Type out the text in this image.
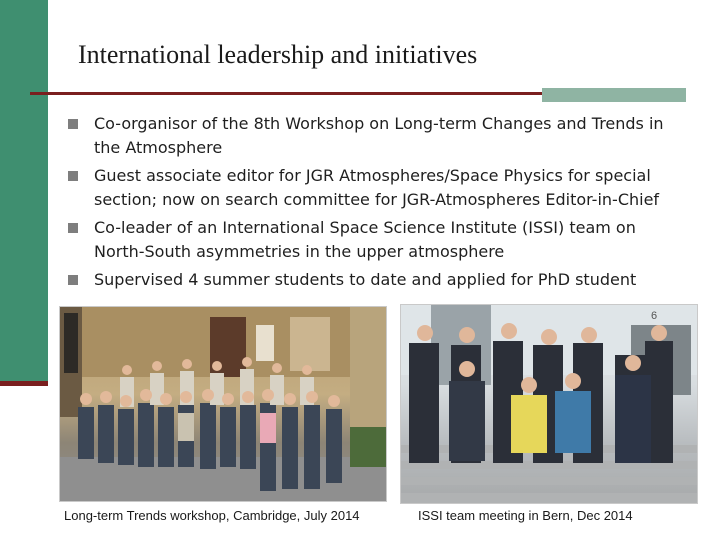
International leadership and initiatives
Co-organisor of the 8th Workshop on Long-term Changes and Trends in the Atmosphere
Guest associate editor for JGR Atmospheres/Space Physics for special section; now on search committee for JGR-Atmospheres Editor-in-Chief
Co-leader of an International Space Science Institute (ISSI) team on North-South asymmetries in the upper atmosphere
Supervised 4 summer students to date and applied for PhD student
6

Long-term Trends workshop, Cambridge, July 2014	ISSI team meeting in Bern, Dec 2014
